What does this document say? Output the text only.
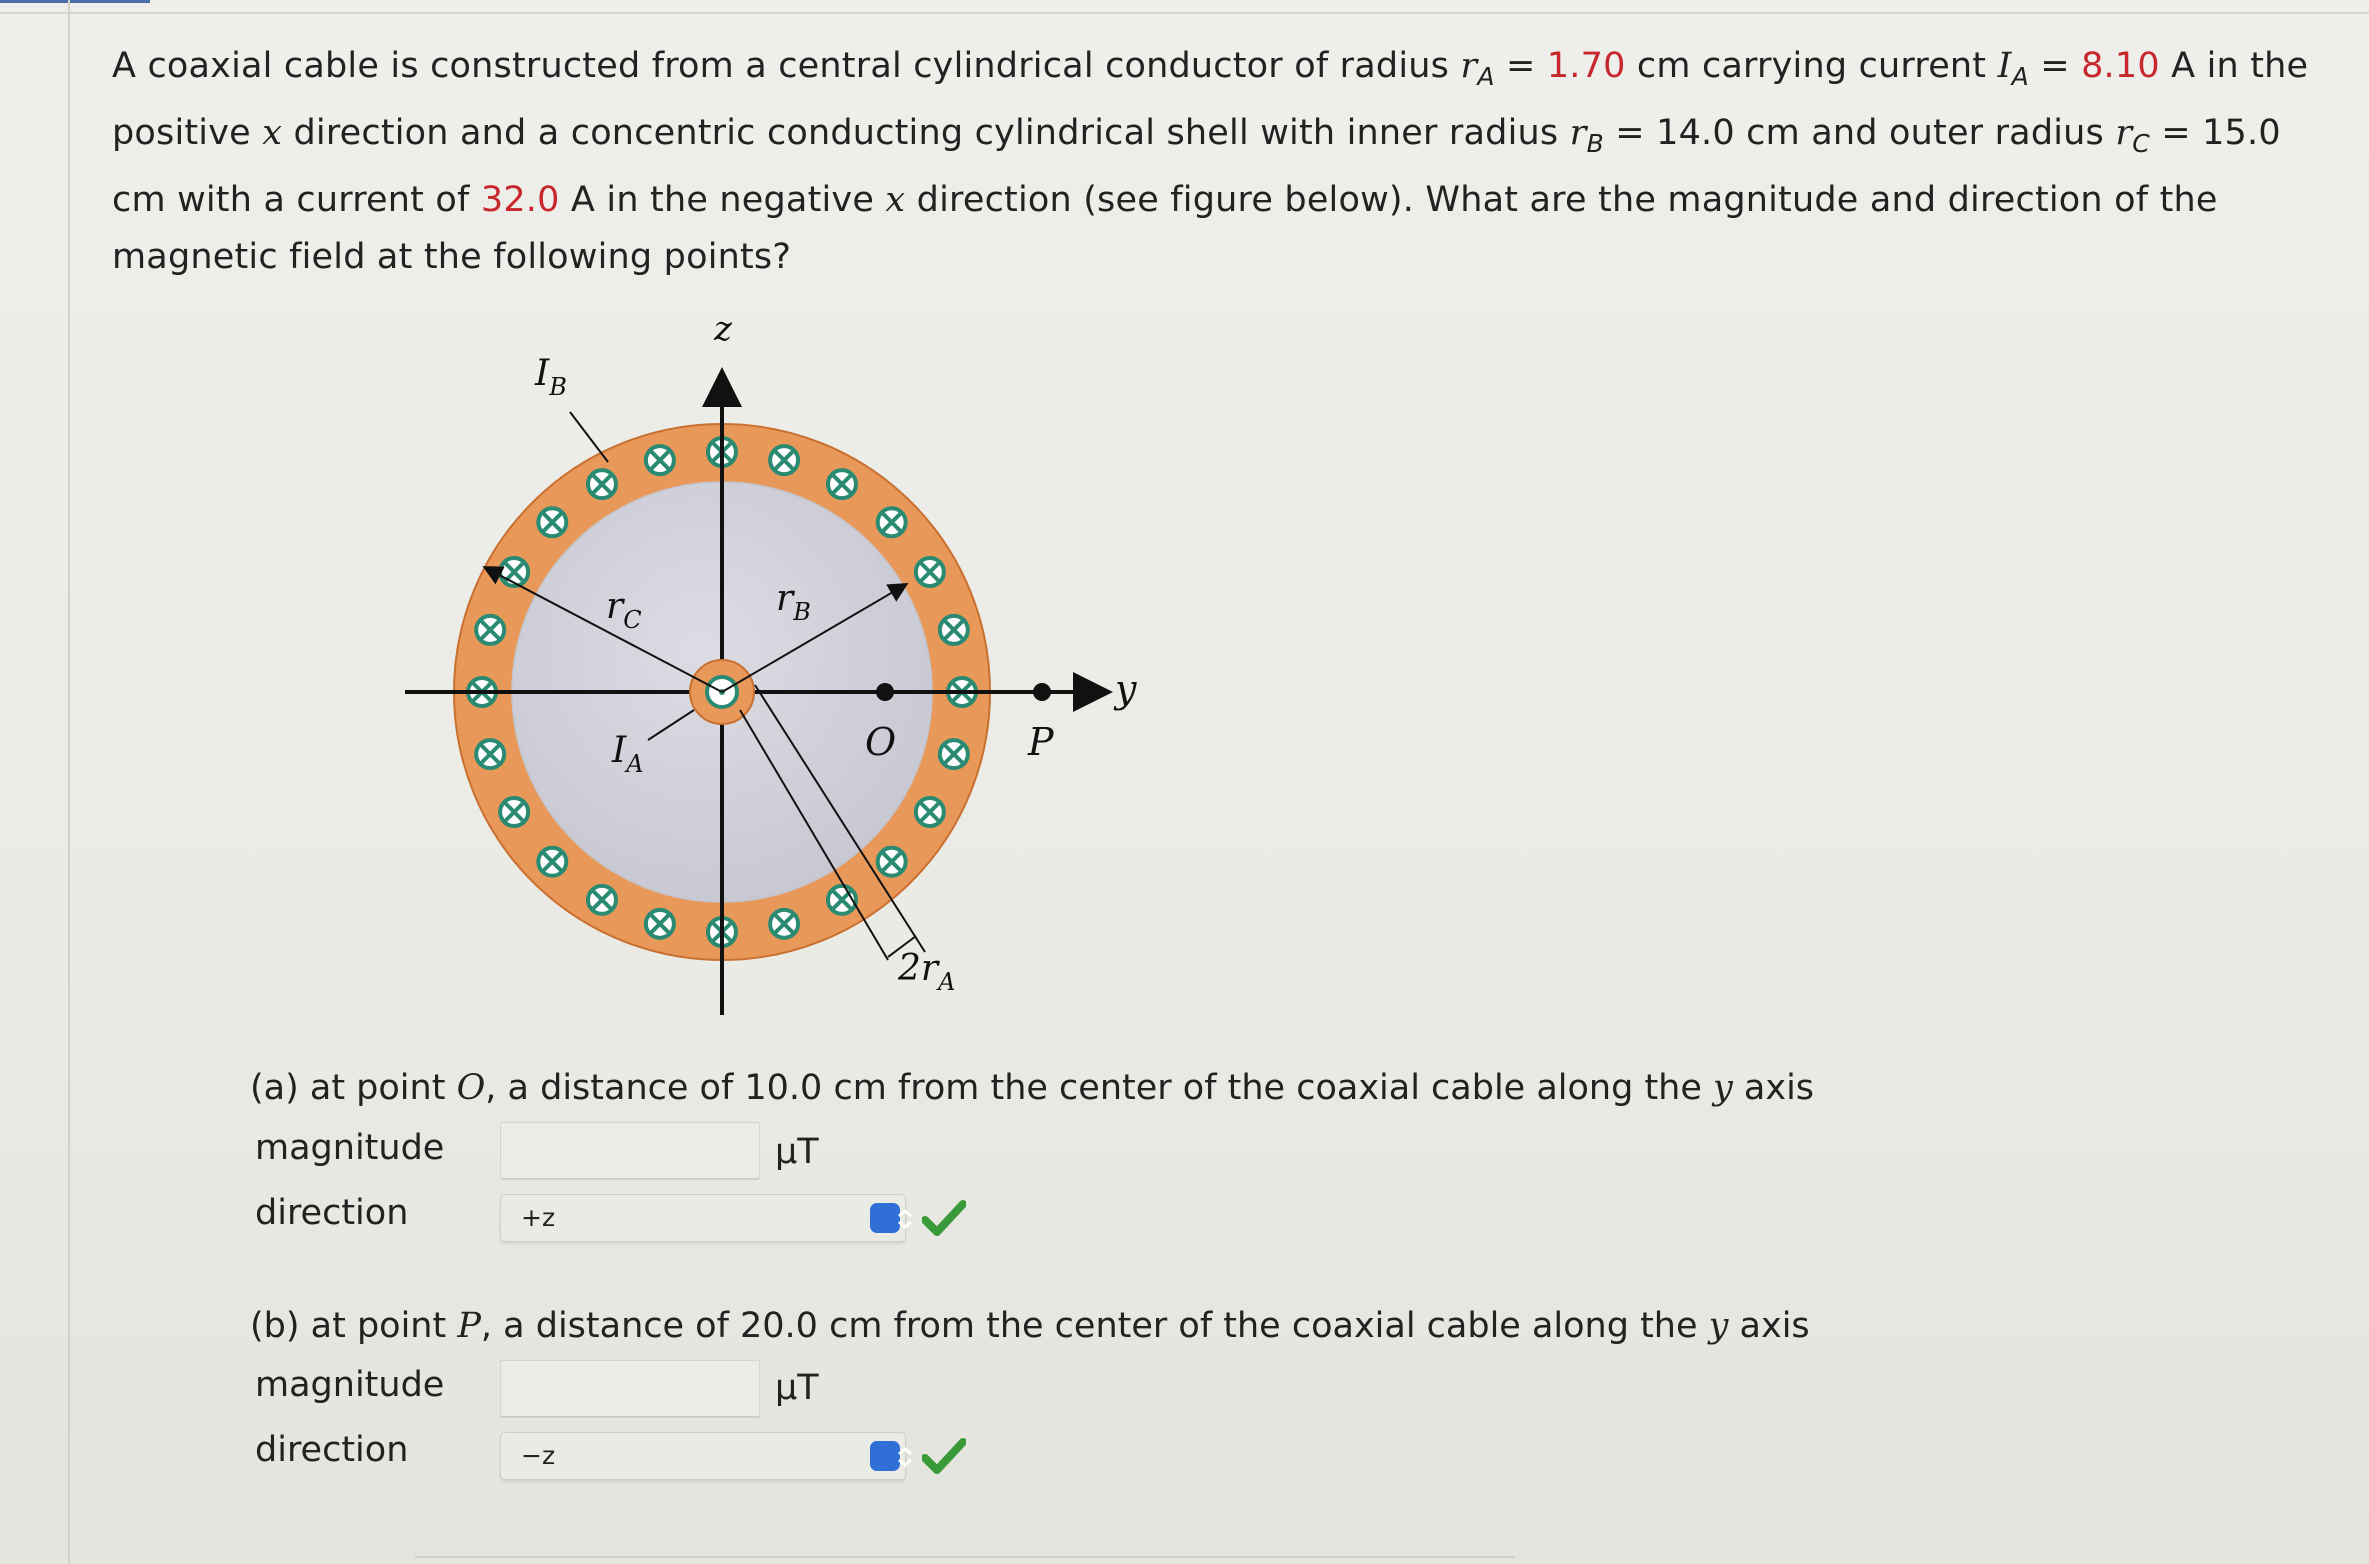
A coaxial cable is constructed from a central cylindrical conductor of radius $r_A = 1.70$ cm carrying current $I_A = 8.10$ A in the positive x direction and a concentric conducting cylindrical shell with inner radius $r_B = 14.0$ cm and outer radius $r_C = 15.0$ cm with a current of 32.0 A in the negative x direction (see figure below). What are the magnitude and direction of the magnetic field at the following points?
z
y
$I_B$
$r_C$
$r_B$
$I_A$	O	P
$2r_A$
(a) at point O, a distance of 10.0 cm from the center of the coaxial cable along the y axis
magnitude	μT
direction	+z
(b) at point P, a distance of 20.0 cm from the center of the coaxial cable along the y axis
magnitude	μT
direction	−z
